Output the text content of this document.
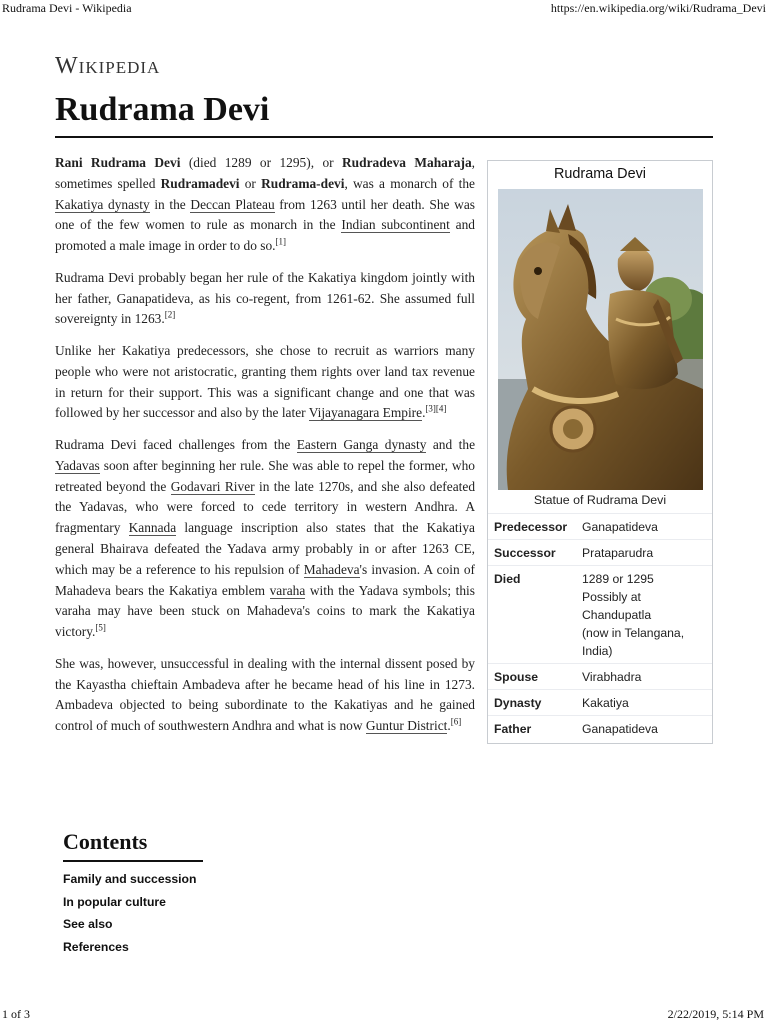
Rudrama Devi - Wikipedia	https://en.wikipedia.org/wiki/Rudrama_Devi
Wikipedia
Rudrama Devi

Rani Rudrama Devi (died 1289 or 1295), or Rudradeva Maharaja, sometimes spelled Rudramadevi or Rudrama-devi, was a monarch of the Kakatiya dynasty in the Deccan Plateau from 1263 until her death. She was one of the few women to rule as monarch in the Indian subcontinent and promoted a male image in order to do so.[1]

Rudrama Devi probably began her rule of the Kakatiya kingdom jointly with her father, Ganapatideva, as his co-regent, from 1261-62. She assumed full sovereignty in 1263.[2]

Unlike her Kakatiya predecessors, she chose to recruit as warriors many people who were not aristocratic, granting them rights over land tax revenue in return for their support. This was a significant change and one that was followed by her successor and also by the later Vijayanagara Empire.[3][4]

Rudrama Devi faced challenges from the Eastern Ganga dynasty and the Yadavas soon after beginning her rule. She was able to repel the former, who retreated beyond the Godavari River in the late 1270s, and she also defeated the Yadavas, who were forced to cede territory in western Andhra. A fragmentary Kannada language inscription also states that the Kakatiya general Bhairava defeated the Yadava army probably in or after 1263 CE, which may be a reference to his repulsion of Mahadeva's invasion. A coin of Mahadeva bears the Kakatiya emblem varaha with the Yadava symbols; this varaha may have been stuck on Mahadeva's coins to mark the Kakatiya victory.[5]

She was, however, unsuccessful in dealing with the internal dissent posed by the Kayastha chieftain Ambadeva after he became head of his line in 1273. Ambadeva objected to being subordinate to the Kakatiyas and he gained control of much of southwestern Andhra and what is now Guntur District.[6]

Rudrama Devi
Statue of Rudrama Devi
Predecessor	Ganapatideva
Successor	Prataparudra
Died	1289 or 1295
Possibly at
Chandupatla
(now in Telangana,
India)
Spouse	Virabhadra
Dynasty	Kakatiya
Father	Ganapatideva
Contents
Family and succession
In popular culture
See also
References
1 of 3	2/22/2019, 5:14 PM
